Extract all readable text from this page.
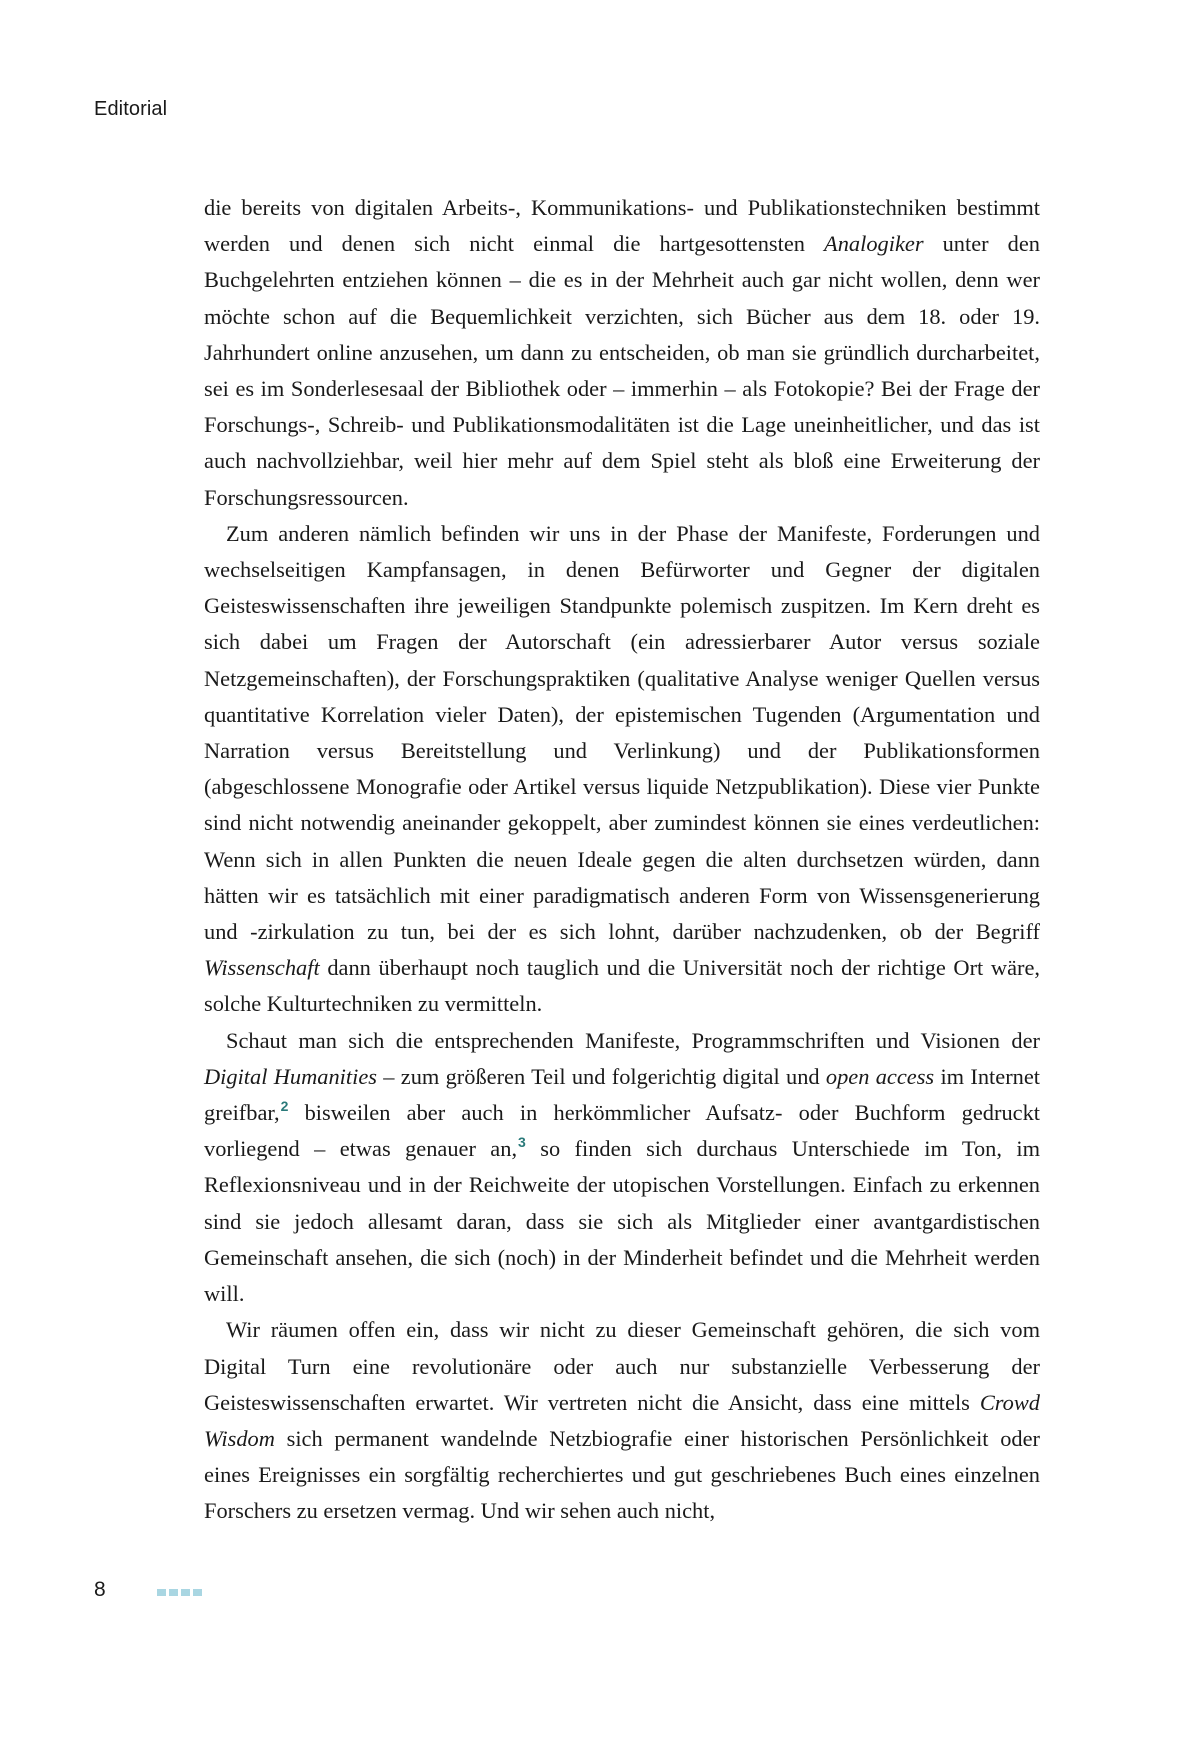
Editorial

die bereits von digitalen Arbeits-, Kommunikations- und Publikationstechniken bestimmt werden und denen sich nicht einmal die hartgesottensten Analogiker unter den Buchgelehrten entziehen können – die es in der Mehrheit auch gar nicht wollen, denn wer möchte schon auf die Bequemlichkeit verzichten, sich Bücher aus dem 18. oder 19. Jahrhundert online anzusehen, um dann zu entscheiden, ob man sie gründlich durcharbeitet, sei es im Sonderlesesaal der Bibliothek oder – immerhin – als Fotokopie? Bei der Frage der Forschungs-, Schreib- und Publikationsmodalitäten ist die Lage uneinheitlicher, und das ist auch nachvollziehbar, weil hier mehr auf dem Spiel steht als bloß eine Erweiterung der Forschungsressourcen.

Zum anderen nämlich befinden wir uns in der Phase der Manifeste, Forderungen und wechselseitigen Kampfansagen, in denen Befürworter und Gegner der digitalen Geisteswissenschaften ihre jeweiligen Standpunkte polemisch zuspitzen. Im Kern dreht es sich dabei um Fragen der Autorschaft (ein adressierbarer Autor versus soziale Netzgemeinschaften), der Forschungspraktiken (qualitative Analyse weniger Quellen versus quantitative Korrelation vieler Daten), der epistemischen Tugenden (Argumentation und Narration versus Bereitstellung und Verlinkung) und der Publikationsformen (abgeschlossene Monografie oder Artikel versus liquide Netzpublikation). Diese vier Punkte sind nicht notwendig aneinander gekoppelt, aber zumindest können sie eines verdeutlichen: Wenn sich in allen Punkten die neuen Ideale gegen die alten durchsetzen würden, dann hätten wir es tatsächlich mit einer paradigmatisch anderen Form von Wissensgenerierung und -zirkulation zu tun, bei der es sich lohnt, darüber nachzudenken, ob der Begriff Wissenschaft dann überhaupt noch tauglich und die Universität noch der richtige Ort wäre, solche Kulturtechniken zu vermitteln.

Schaut man sich die entsprechenden Manifeste, Programmschriften und Visionen der Digital Humanities – zum größeren Teil und folgerichtig digital und open access im Internet greifbar,$^2$ bisweilen aber auch in herkömmlicher Aufsatz- oder Buchform gedruckt vorliegend – etwas genauer an,$^3$ so finden sich durchaus Unterschiede im Ton, im Reflexionsniveau und in der Reichweite der utopischen Vorstellungen. Einfach zu erkennen sind sie jedoch allesamt daran, dass sie sich als Mitglieder einer avantgardistischen Gemeinschaft ansehen, die sich (noch) in der Minderheit befindet und die Mehrheit werden will.

Wir räumen offen ein, dass wir nicht zu dieser Gemeinschaft gehören, die sich vom Digital Turn eine revolutionäre oder auch nur substanzielle Verbesserung der Geisteswissenschaften erwartet. Wir vertreten nicht die Ansicht, dass eine mittels Crowd Wisdom sich permanent wandelnde Netzbiografie einer historischen Persönlichkeit oder eines Ereignisses ein sorgfältig recherchiertes und gut geschriebenes Buch eines einzelnen Forschers zu ersetzen vermag. Und wir sehen auch nicht,

8
